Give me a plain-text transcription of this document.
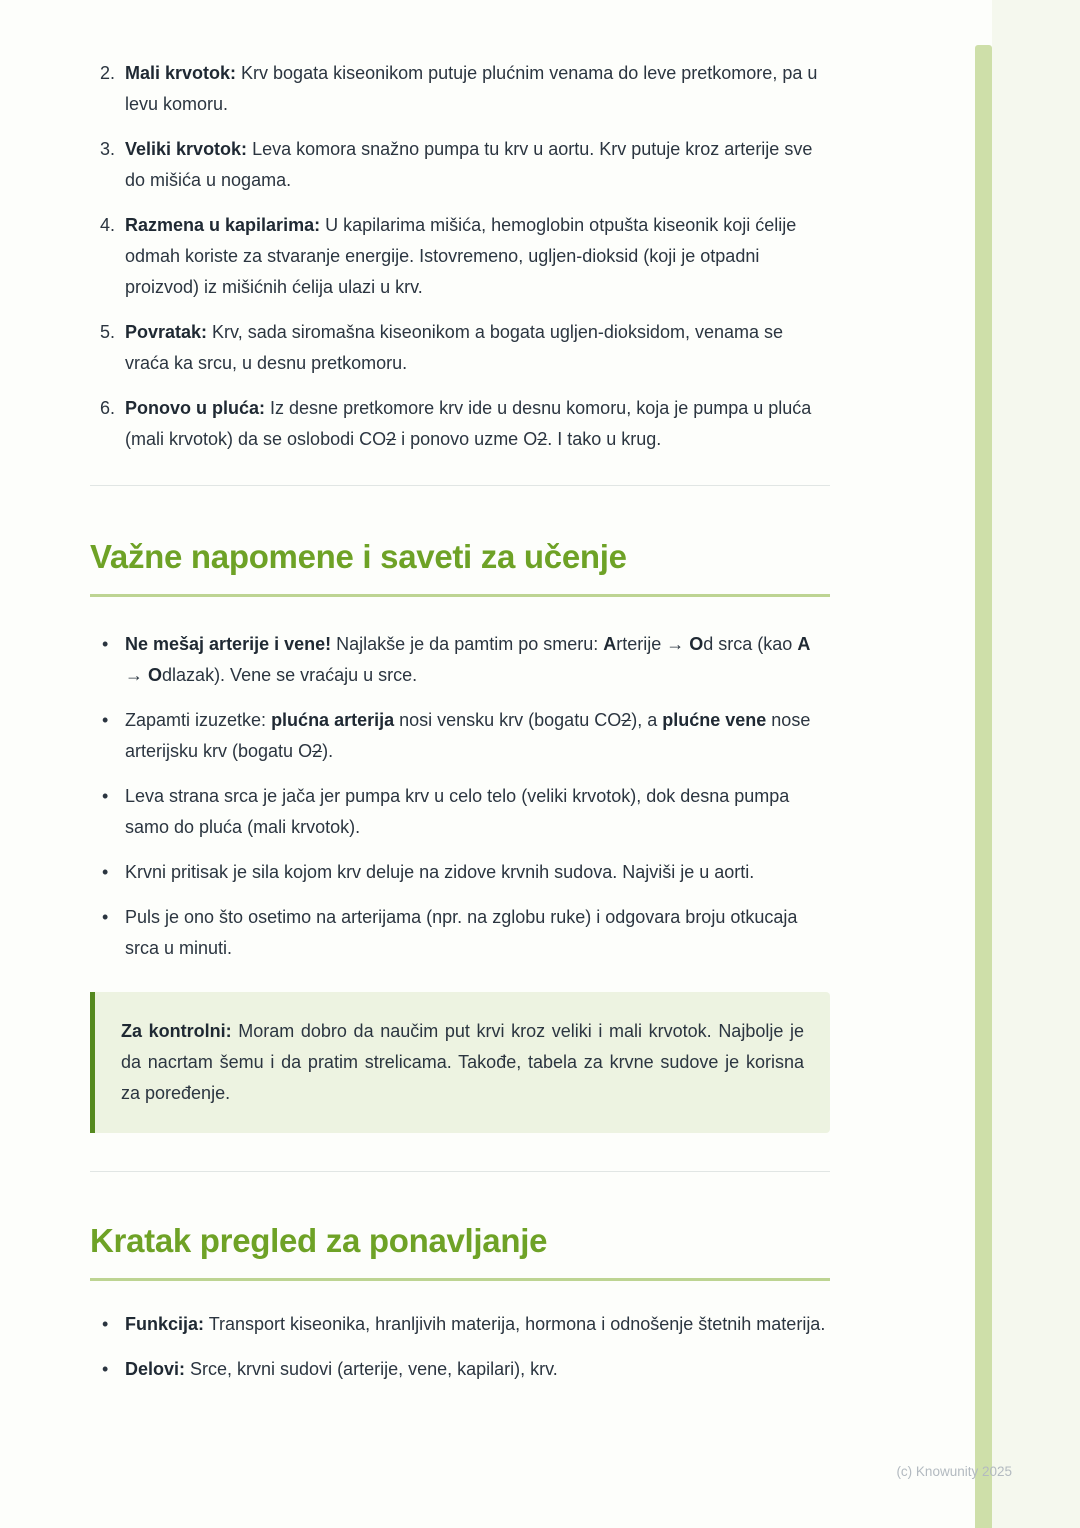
2. Mali krvotok: Krv bogata kiseonikom putuje plućnim venama do leve pretkomore, pa u levu komoru.
3. Veliki krvotok: Leva komora snažno pumpa tu krv u aortu. Krv putuje kroz arterije sve do mišića u nogama.
4. Razmena u kapilarima: U kapilarima mišića, hemoglobin otpušta kiseonik koji ćelije odmah koriste za stvaranje energije. Istovremeno, ugljen-dioksid (koji je otpadni proizvod) iz mišićnih ćelija ulazi u krv.
5. Povratak: Krv, sada siromašna kiseonikom a bogata ugljen-dioksidom, venama se vraća ka srcu, u desnu pretkomoru.
6. Ponovo u pluća: Iz desne pretkomore krv ide u desnu komoru, koja je pumpa u pluća (mali krvotok) da se oslobodi CO2 i ponovo uzme O2. I tako u krug.
Važne napomene i saveti za učenje
• Ne mešaj arterije i vene! Najlakše je da pamtim po smeru: Arterije → Od srca (kao A → Odlazak). Vene se vraćaju u srce.
• Zapamti izuzetke: plućna arterija nosi vensku krv (bogatu CO2), a plućne vene nose arterijsku krv (bogatu O2).
• Leva strana srca je jača jer pumpa krv u celo telo (veliki krvotok), dok desna pumpa samo do pluća (mali krvotok).
• Krvni pritisak je sila kojom krv deluje na zidove krvnih sudova. Najviši je u aorti.
• Puls je ono što osetimo na arterijama (npr. na zglobu ruke) i odgovara broju otkucaja srca u minuti.

Za kontrolni: Moram dobro da naučim put krvi kroz veliki i mali krvotok. Najbolje je da nacrtam šemu i da pratim strelicama. Takođe, tabela za krvne sudove je korisna za poređenje.

Kratak pregled za ponavljanje
• Funkcija: Transport kiseonika, hranljivih materija, hormona i odnošenje štetnih materija.
• Delovi: Srce, krvni sudovi (arterije, vene, kapilari), krv.
(c) Knowunity 2025
